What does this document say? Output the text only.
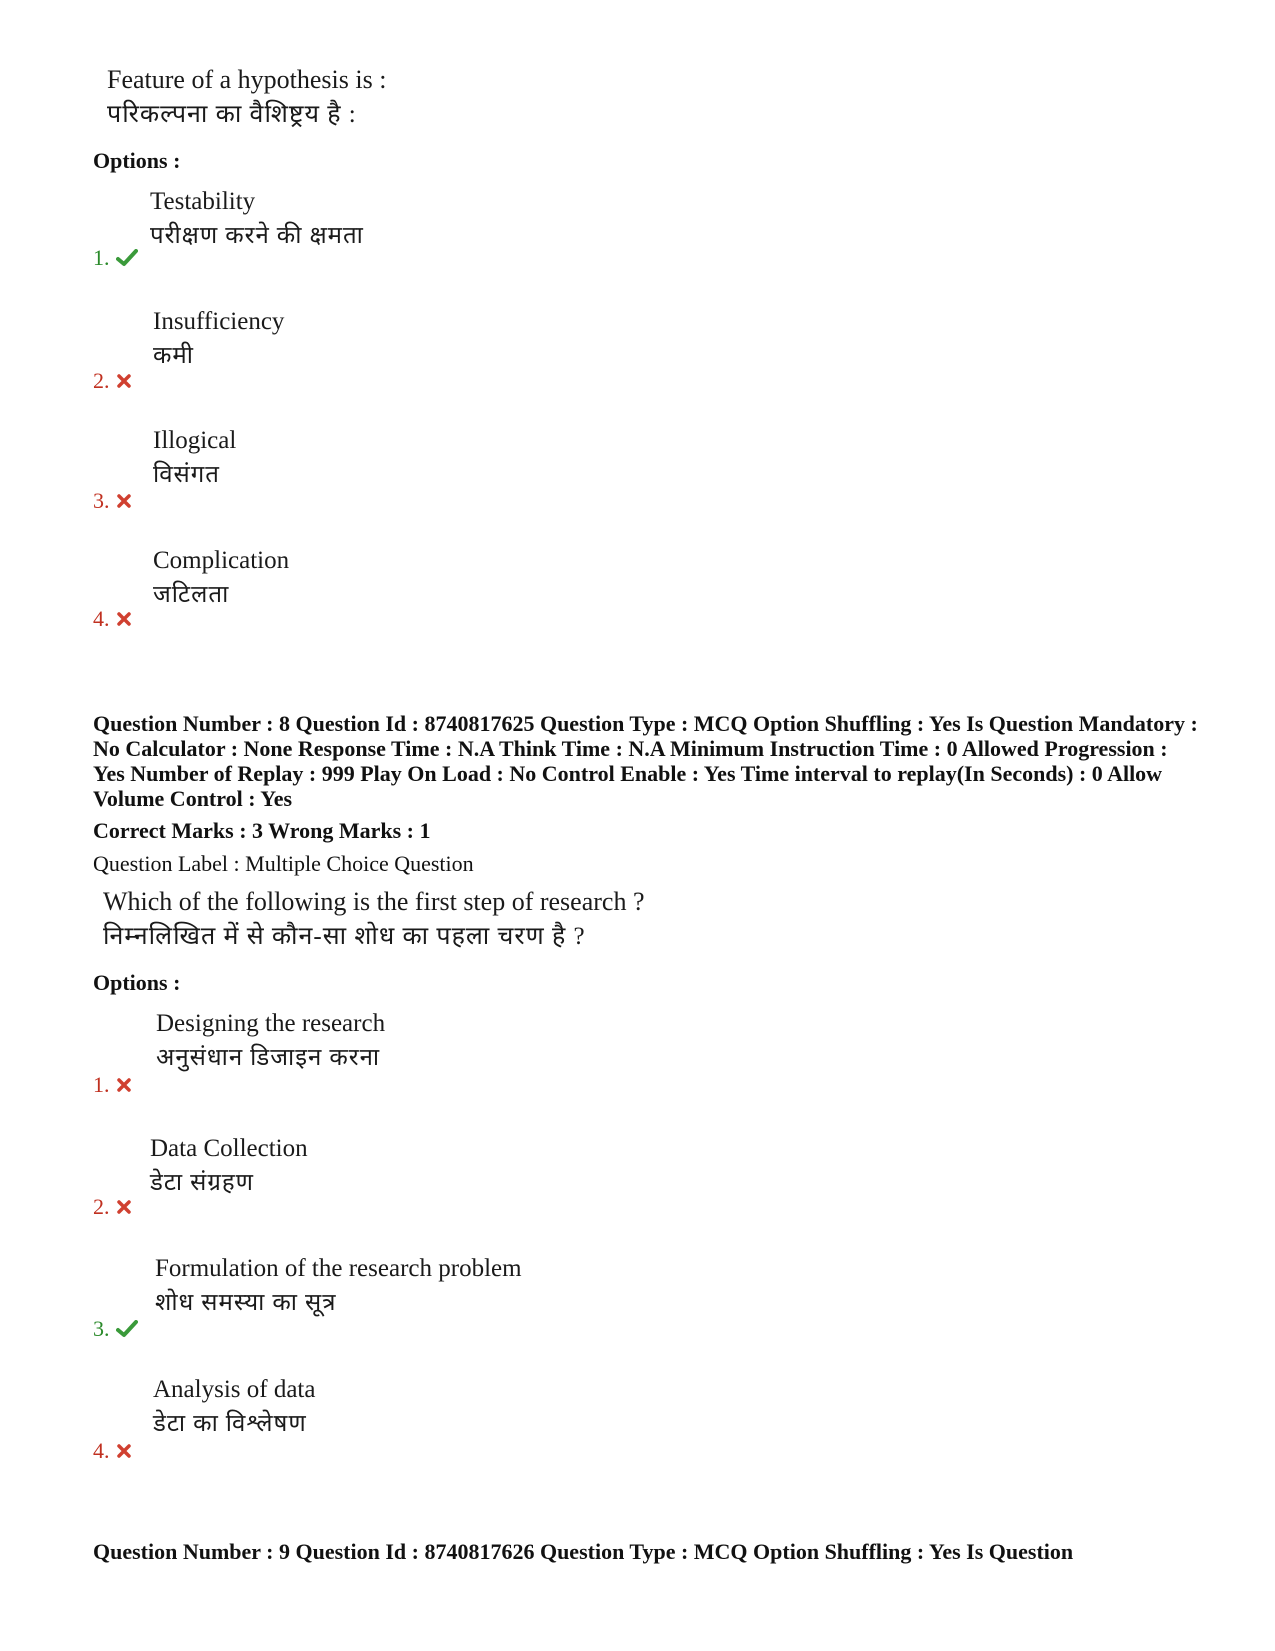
Feature of a hypothesis is :
परिकल्पना का वैशिष्ट्रय है :
Options :
Testability
परीक्षण करने की क्षमता
1.
Insufficiency
कमी
2.
Illogical
विसंगत
3.
Complication
जटिलता
4.
Question Number : 8 Question Id : 8740817625 Question Type : MCQ Option Shuffling : Yes Is Question Mandatory : No Calculator : None Response Time : N.A Think Time : N.A Minimum Instruction Time : 0 Allowed Progression : Yes Number of Replay : 999 Play On Load : No Control Enable : Yes Time interval to replay(In Seconds) : 0 Allow Volume Control : Yes
Correct Marks : 3 Wrong Marks : 1
Question Label : Multiple Choice Question
Which of the following is the first step of research ?
निम्नलिखित में से कौन-सा शोध का पहला चरण है ?
Options :
Designing the research
अनुसंधान डिजाइन करना
1.
Data Collection
डेटा संग्रहण
2.
Formulation of the research problem
शोध समस्या का सूत्र
3.
Analysis of data
डेटा का विश्लेषण
4.
Question Number : 9 Question Id : 8740817626 Question Type : MCQ Option Shuffling : Yes Is Question
